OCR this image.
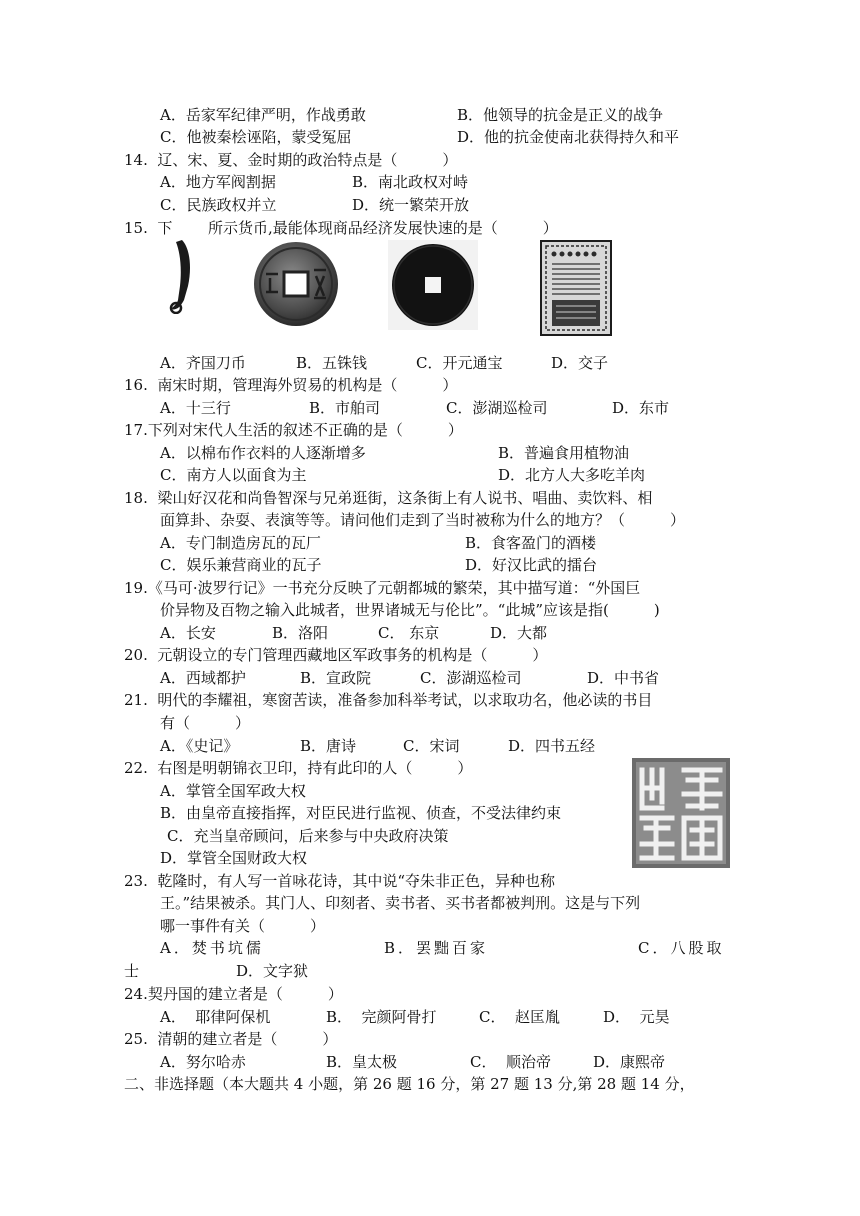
A．岳家军纪律严明，作战勇敢	B．他领导的抗金是正义的战争
C．他被秦桧诬陷，蒙受冤屈	D．他的抗金使南北获得持久和平
14.  辽、宋、夏、金时期的政治特点是（　　　）
A．地方军阀割据	B．南北政权对峙
C．民族政权并立	D．统一繁荣开放
15.  下 所示货币,最能体现商品经济发展快速的是（　　　）
A．齐国刀币	B．五铢钱	C．开元通宝	D．交子
16.  南宋时期，管理海外贸易的机构是（　　　）
A．十三行	B．市舶司	C．澎湖巡检司	D．东市
17.下列对宋代人生活的叙述不正确的是（　　　）
A．以棉布作衣料的人逐渐增多	B．普遍食用植物油
C．南方人以面食为主	D．北方人大多吃羊肉
18.  梁山好汉花和尚鲁智深与兄弟逛街，这条街上有人说书、唱曲、卖饮料、相
面算卦、杂耍、表演等等。请问他们走到了当时被称为什么的地方？（　　　）
A．专门制造房瓦的瓦厂	B．食客盈门的酒楼
C．娱乐兼营商业的瓦子	D．好汉比武的擂台
19.《马可·波罗行记》一书充分反映了元朝都城的繁荣，其中描写道：“外国巨
价异物及百物之输入此城者，世界诸城无与伦比”。“此城”应该是指(　　　)
A．长安	B．洛阳	C． 东京	D．大都
20.  元朝设立的专门管理西藏地区军政事务的机构是（　　　）
A．西域都护	B．宣政院	C．澎湖巡检司	D．中书省
21.  明代的李耀祖，寒窗苦读，准备参加科举考试，以求取功名，他必读的书目
有（　　　）
A．《史记》	B．唐诗	C．宋词	D．四书五经
22.  右图是明朝锦衣卫印，持有此印的人（　　　）
A．掌管全国军政大权
B．由皇帝直接指挥，对臣民进行监视、侦查，不受法律约束
C．充当皇帝顾问，后来参与中央政府决策
D．掌管全国财政大权
23.  乾隆时，有人写一首咏花诗，其中说“夺朱非正色，异种也称
王。”结果被杀。其门人、印刻者、卖书者、买书者都被判刑。这是与下列
哪一事件有关（　　　）
A．焚书坑儒	B．罢黜百家	C．八股取
士	D．文字狱
24.契丹国的建立者是（　　　）
A．  耶律阿保机	B．  完颜阿骨打	C．  赵匡胤	D．  元昊
25.  清朝的建立者是（　　　）
A．努尔哈赤	B．皇太极	C．  顺治帝	D．康熙帝
二、非选择题（本大题共 4 小题，第 26 题 16 分，第 27 题 13 分,第 28 题 14 分，
